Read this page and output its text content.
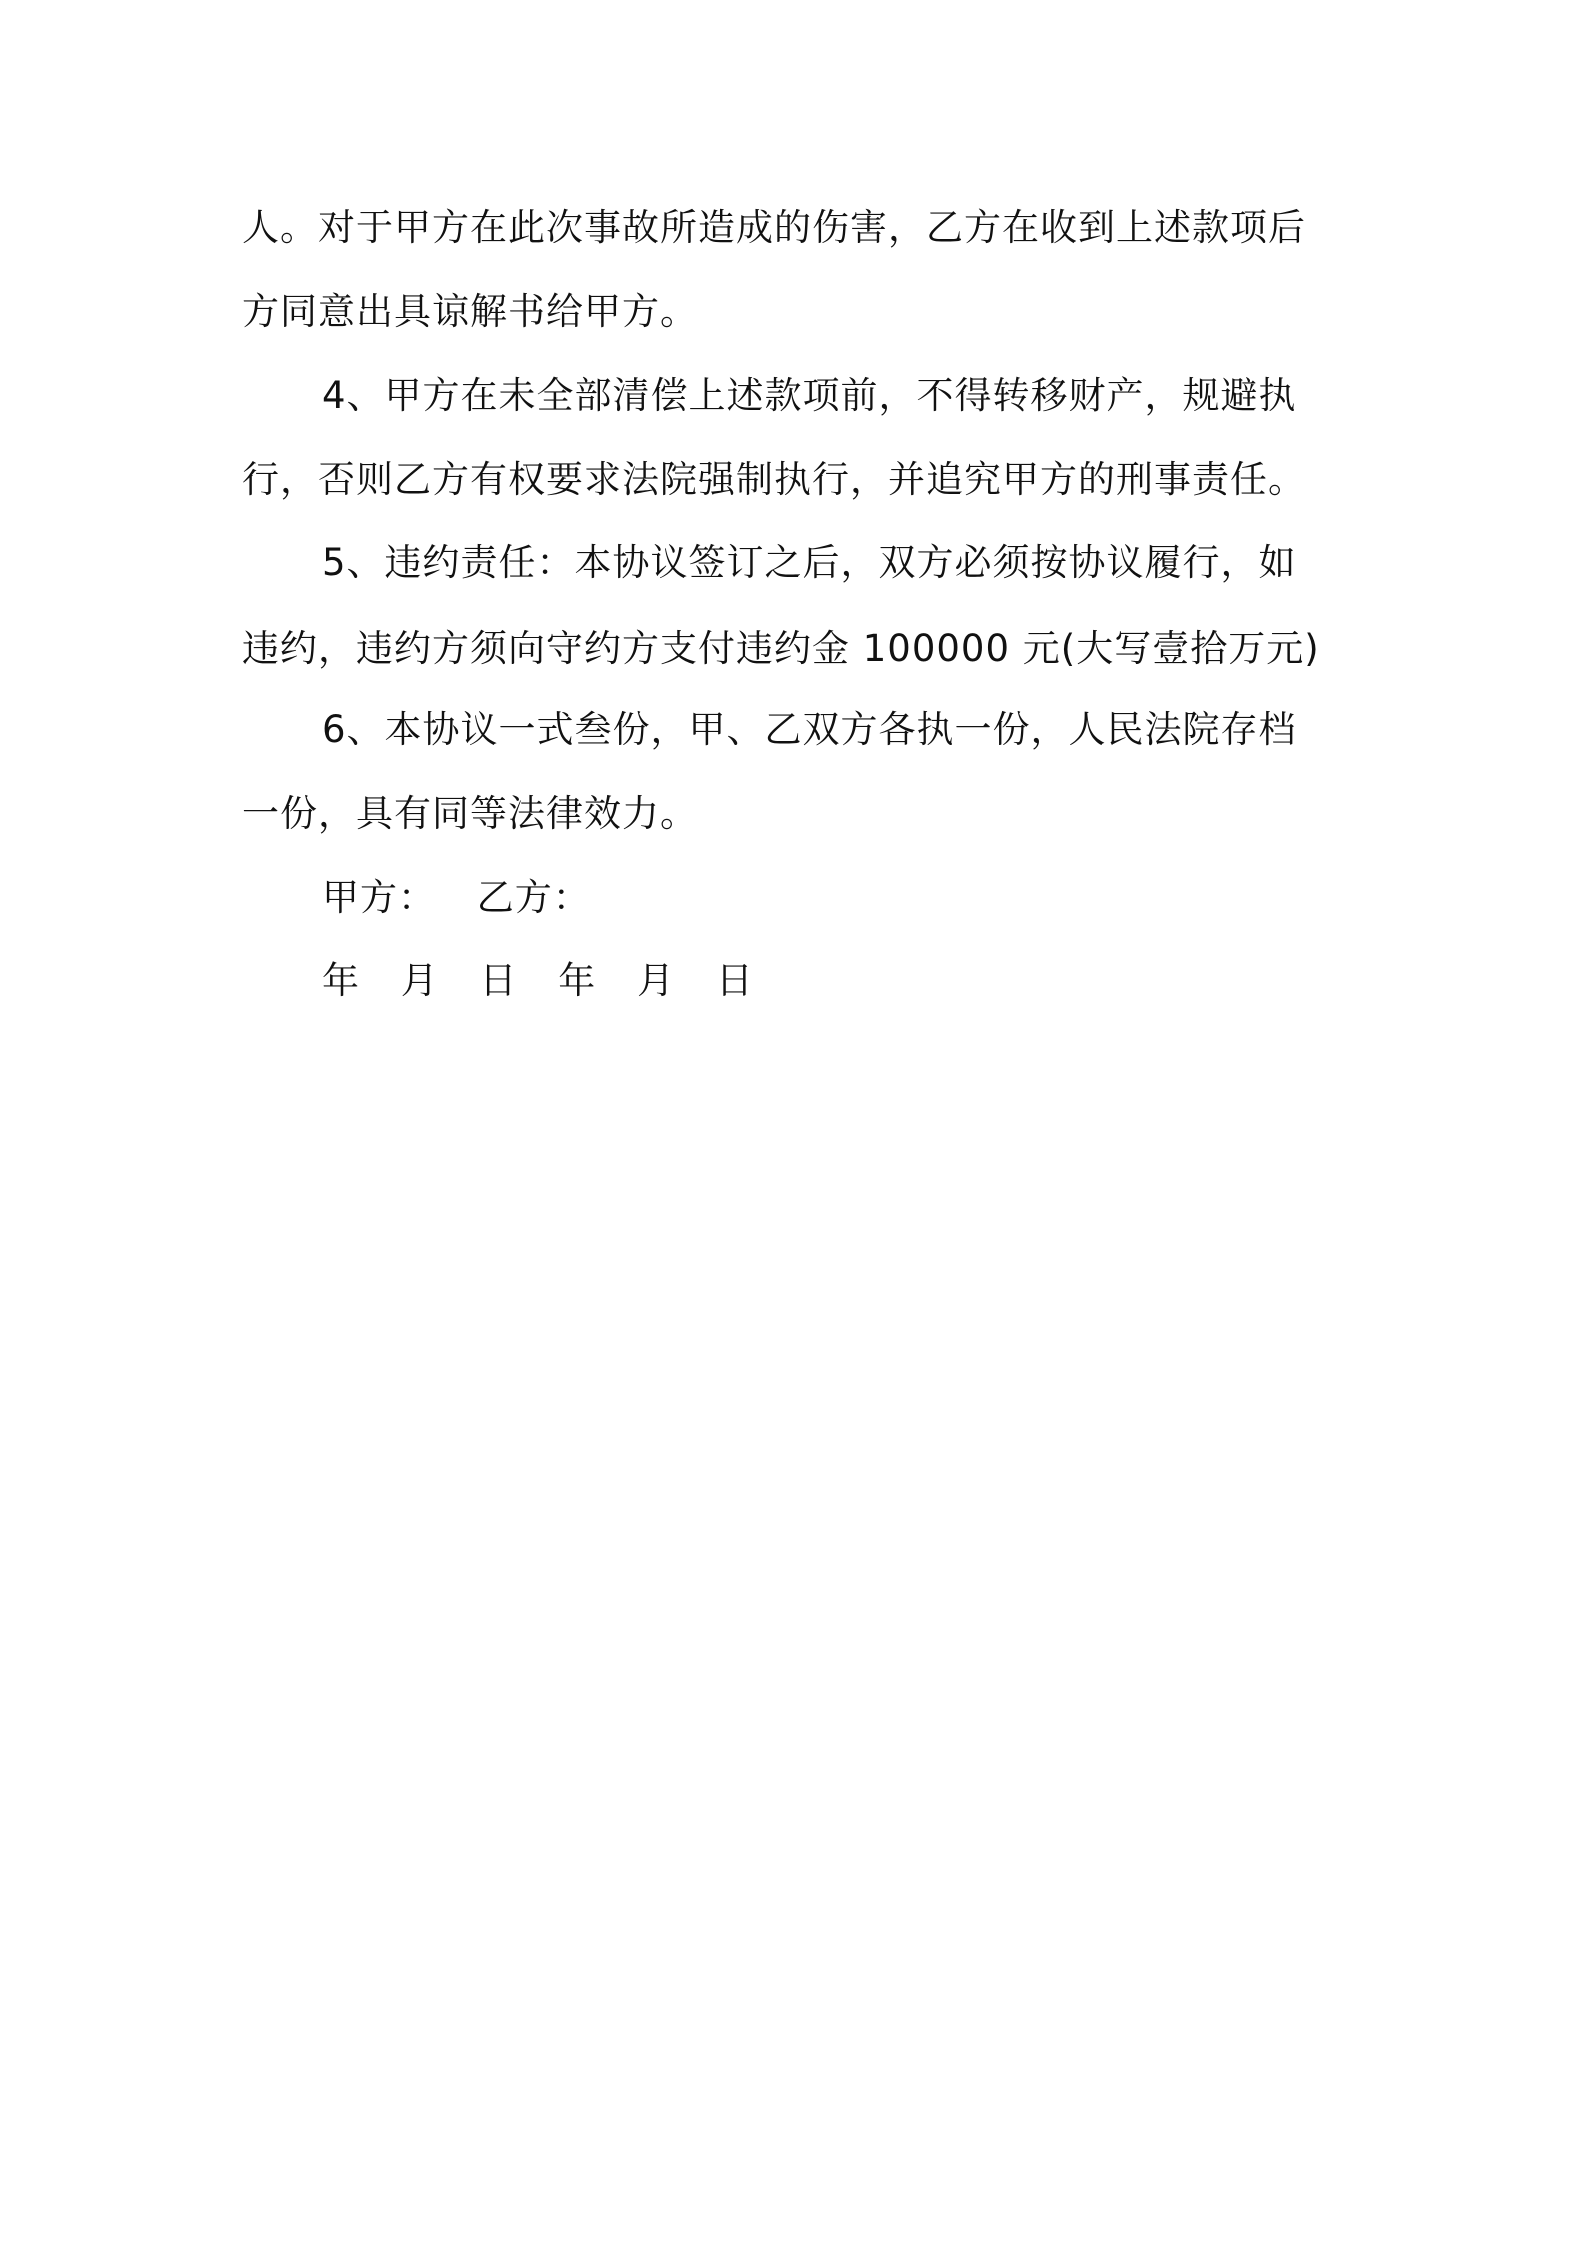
人。对于甲方在此次事故所造成的伤害，乙方在收到上述款项后
方同意出具谅解书给甲方。
4、甲方在未全部清偿上述款项前，不得转移财产，规避执
行，否则乙方有权要求法院强制执行，并追究甲方的刑事责任。
5、违约责任：本协议签订之后，双方必须按协议履行，如
违约，违约方须向守约方支付违约金 100000 元(大写壹拾万元)
6、本协议一式叁份，甲、乙双方各执一份，人民法院存档
一份，具有同等法律效力。
甲方： 乙方：
年 月 日 年 月 日
